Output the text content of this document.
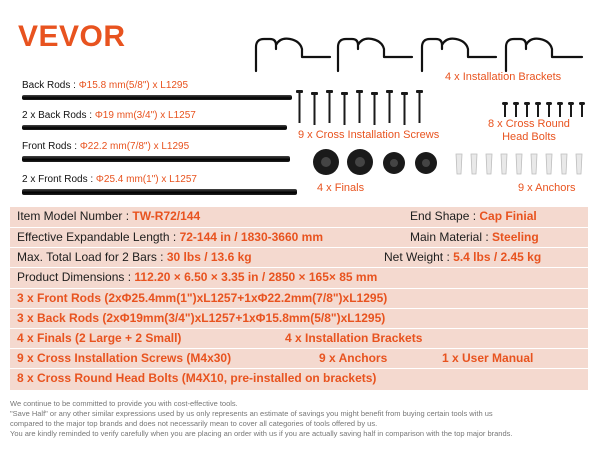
VEVOR
Back Rods : Φ15.8 mm(5/8") x L1295
2 x Back Rods : Φ19 mm(3/4") x L1257
Front Rods : Φ22.2 mm(7/8") x L1295
2 x Front Rods : Φ25.4 mm(1") x L1257
4 x Installation Brackets
9 x Cross Installation Screws
8 x Cross Round
Head Bolts
4 x Finals	9 x Anchors
Item Model Number : TW-R72/144	End Shape : Cap Finial
Effective Expandable Length : 72-144 in / 1830-3660 mm	Main Material : Steeling
Max. Total Load for 2 Bars : 30 lbs / 13.6 kg	Net Weight : 5.4 lbs / 2.45 kg
Product Dimensions : 112.20 × 6.50 × 3.35 in / 2850 × 165× 85 mm
3 x Front Rods (2xΦ25.4mm(1")xL1257+1xΦ22.2mm(7/8")xL1295)
3 x Back Rods (2xΦ19mm(3/4")xL1257+1xΦ15.8mm(5/8")xL1295)
4 x Finals (2 Large + 2 Small)	4 x Installation Brackets
9 x Cross Installation Screws (M4x30)	9 x Anchors	1 x User Manual
8 x Cross Round Head Bolts (M4X10, pre-installed on brackets)
We continue to be committed to provide you with cost-effective tools.
"Save Half" or any other similar expressions used by us only represents an estimate of savings you might benefit from buying certain tools with us
compared to the major top brands and does not necessarily mean to cover all categories of tools offered by us.
You are kindly reminded to verify carefully when you are placing an order with us if you are actually saving half in comparison with the top major brands.
